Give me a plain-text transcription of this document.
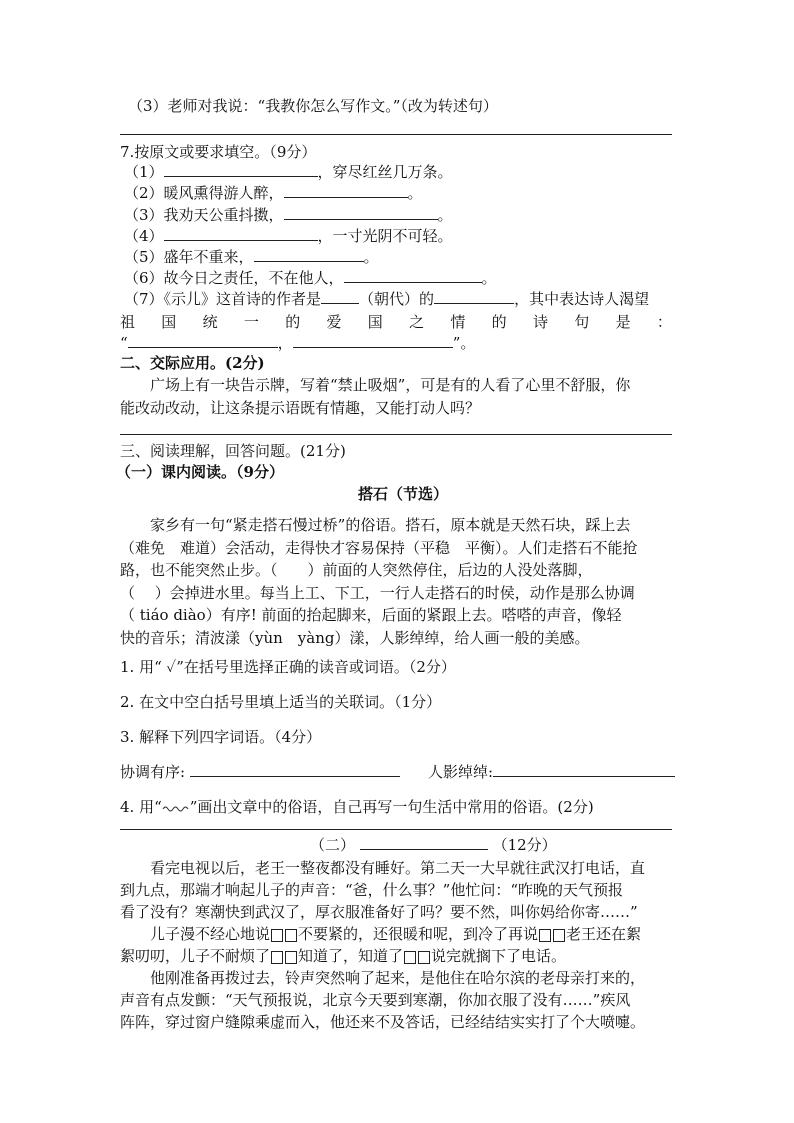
（3）老师对我说：“我教你怎么写作文。”（改为转述句）
7.按原文或要求填空。（9分）
（1）	，穿尽红丝几万条。
（2）暖风熏得游人醉，	。
（3）我劝天公重抖擞，	。
（4）	，一寸光阴不可轻。
（5）盛年不重来，	。
（6）故今日之责任，不在他人，	。
（7）《示儿》这首诗的作者是	（朝代）的	，其中表达诗人渴望
祖 国 统 一 的 爱 国 之 情 的 诗 句 是 ：
“	，	”。
二、交际应用。(2分)
广场上有一块告示牌，写着“禁止吸烟”，可是有的人看了心里不舒服，你
能改动改动，让这条提示语既有情趣，又能打动人吗？
三、阅读理解，回答问题。(21分)
（一）课内阅读。（9分）
搭石（节选）
家乡有一句“紧走搭石慢过桥”的俗语。搭石，原本就是天然石块，踩上去
（难免　难道）会活动，走得快才容易保持（平稳　平衡）。人们走搭石不能抢
路，也不能突然止步。（　　）前面的人突然停住，后边的人没处落脚，
（　 ）会掉进水里。每当上工、下工，一行人走搭石的时侯，动作是那么协调
（ tiáo diào）有序! 前面的抬起脚来，后面的紧跟上去。嗒嗒的声音，像轻
快的音乐；清波漾（yùn　yàng）漾，人影绰绰，给人画一般的美感。
1. 用“ ✓”在括号里选择正确的读音或词语。（2分）
2. 在文中空白括号里填上适当的关联词。（1分）
3. 解释下列四字词语。（4分）
协调有序:	人影绰绰:
4. 用“ ”画出文章中的俗语，自己再写一句生活中常用的俗语。(2分)
（二）	（12分）
看完电视以后，老王一整夜都没有睡好。第二天一大早就往武汉打电话，直
到九点，那端才响起儿子的声音：“爸，什么事？”他忙问：“昨晚的天气预报
看了没有？寒潮快到武汉了，厚衣服准备好了吗？要不然，叫你妈给你寄……”
儿子漫不经心地说 不要紧的，还很暖和呢，到冷了再说 老王还在絮
絮叨叨，儿子不耐烦了 知道了，知道了 说完就搁下了电话。
他刚准备再拨过去，铃声突然响了起来，是他住在哈尔滨的老母亲打来的，
声音有点发颤：“天气预报说，北京今天要到寒潮，你加衣服了没有……”疾风
阵阵，穿过窗户缝隙乘虚而入，他还来不及答话，已经结结实实打了个大喷嚏。
